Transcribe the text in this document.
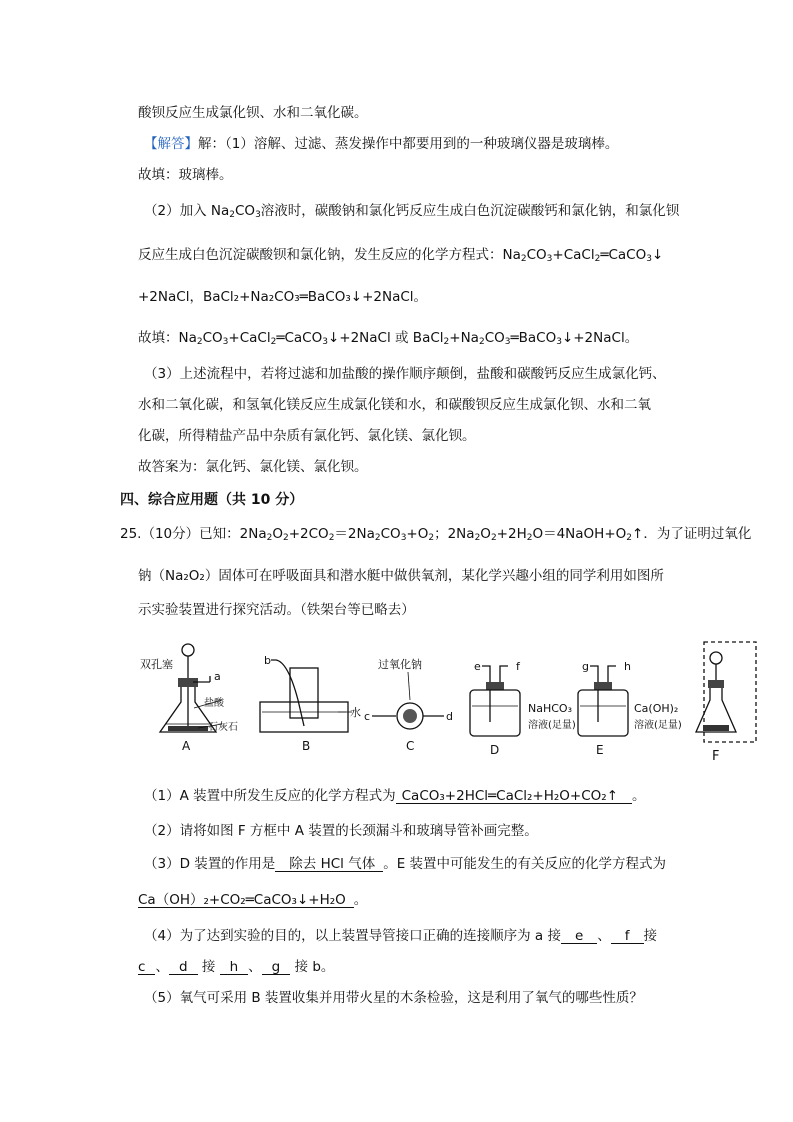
酸钡反应生成氯化钡、水和二氧化碳。
【解答】解：（1）溶解、过滤、蒸发操作中都要用到的一种玻璃仪器是玻璃棒。
故填：玻璃棒。
（2）加入 $Na_2CO_3$溶液时，碳酸钠和氯化钙反应生成白色沉淀碳酸钙和氯化钠，和氯化钡
反应生成白色沉淀碳酸钡和氯化钠，发生反应的化学方程式：$Na_2CO_3+CaCl_2═CaCO_3↓$
+2NaCl，BaCl₂+Na₂CO₃═BaCO₃↓+2NaCl。
故填：$Na_2CO_3+CaCl_2═CaCO_3↓+2NaCl$ 或 $BaCl_2+Na_2CO_3═BaCO_3↓+2NaCl$。
（3）上述流程中，若将过滤和加盐酸的操作顺序颠倒，盐酸和碳酸钙反应生成氯化钙、
水和二氧化碳，和氢氧化镁反应生成氯化镁和水，和碳酸钡反应生成氯化钡、水和二氧
化碳，所得精盐产品中杂质有氯化钙、氯化镁、氯化钡。
故答案为：氯化钙、氯化镁、氯化钡。
四、综合应用题（共 10 分）
25.（10分）已知：$2Na_2O_2+2CO_2=2Na_2CO_3+O_2$；$2Na_2O_2+2H_2O=4NaOH+O_2↑$．为了证明过氧化
钠（Na₂O₂）固体可在呼吸面具和潜水艇中做供氧剂，某化学兴趣小组的同学利用如图所
示实验装置进行探究活动。（铁架台等已略去）
双孔塞
a
盐酸
石灰石
A
b
水
B
过氧化钠
c	d
C
e	f
NaHCO₃
溶液(足量)
D
g	h
Ca(OH)₂
溶液(足量)
E	F
（1）A 装置中所发生反应的化学方程式为 CaCO₃+2HCl═CaCl₂+H₂O+CO₂↑ 。
（2）请将如图 F 方框中 A 装置的长颈漏斗和玻璃导管补画完整。
（3）D 装置的作用是 除去 HCl 气体 。E 装置中可能发生的有关反应的化学方程式为
Ca（OH）₂+CO₂═CaCO₃↓+H₂O 。
（4）为了达到实验的目的，以上装置导管接口正确的连接顺序为 a 接 e 、 f 接
c 、 d 接 h 、 g 接 b。
（5）氧气可采用 B 装置收集并用带火星的木条检验，这是利用了氧气的哪些性质？
